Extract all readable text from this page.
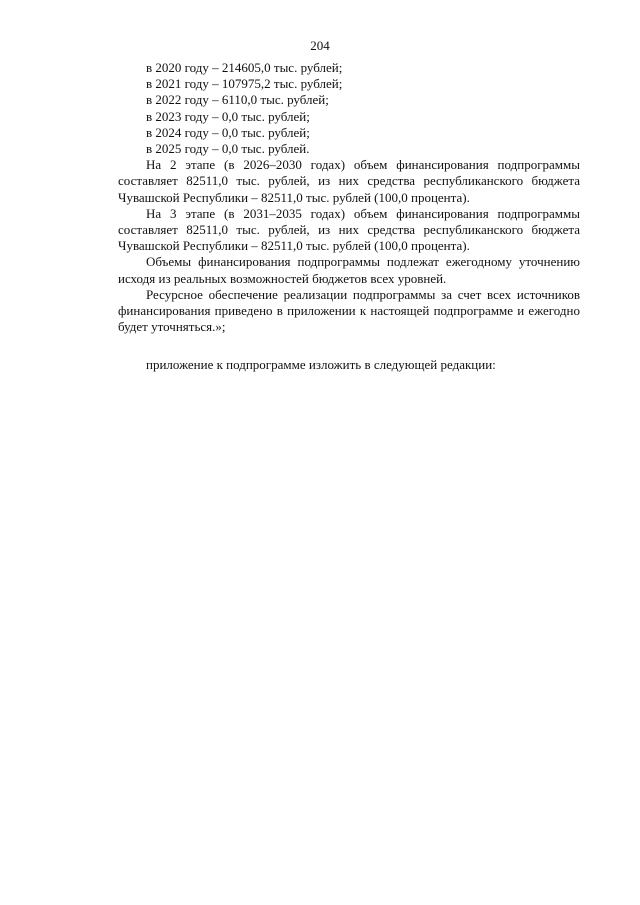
204

в 2020 году – 214605,0 тыс. рублей;

в 2021 году – 107975,2 тыс. рублей;

в 2022 году – 6110,0 тыс. рублей;

в 2023 году – 0,0 тыс. рублей;

в 2024 году – 0,0 тыс. рублей;

в 2025 году – 0,0 тыс. рублей.

На 2 этапе (в 2026–2030 годах) объем финансирования подпрограммы составляет 82511,0 тыс. рублей, из них средства республиканского бюджета Чувашской Республики – 82511,0 тыс. рублей (100,0 процента).

На 3 этапе (в 2031–2035 годах) объем финансирования подпрограммы составляет 82511,0 тыс. рублей, из них средства республиканского бюджета Чувашской Республики – 82511,0 тыс. рублей (100,0 процента).

Объемы финансирования подпрограммы подлежат ежегодному уточнению исходя из реальных возможностей бюджетов всех уровней.

Ресурсное обеспечение реализации подпрограммы за счет всех источников финансирования приведено в приложении к настоящей подпрограмме и ежегодно будет уточняться.»;

приложение к подпрограмме изложить в следующей редакции:
